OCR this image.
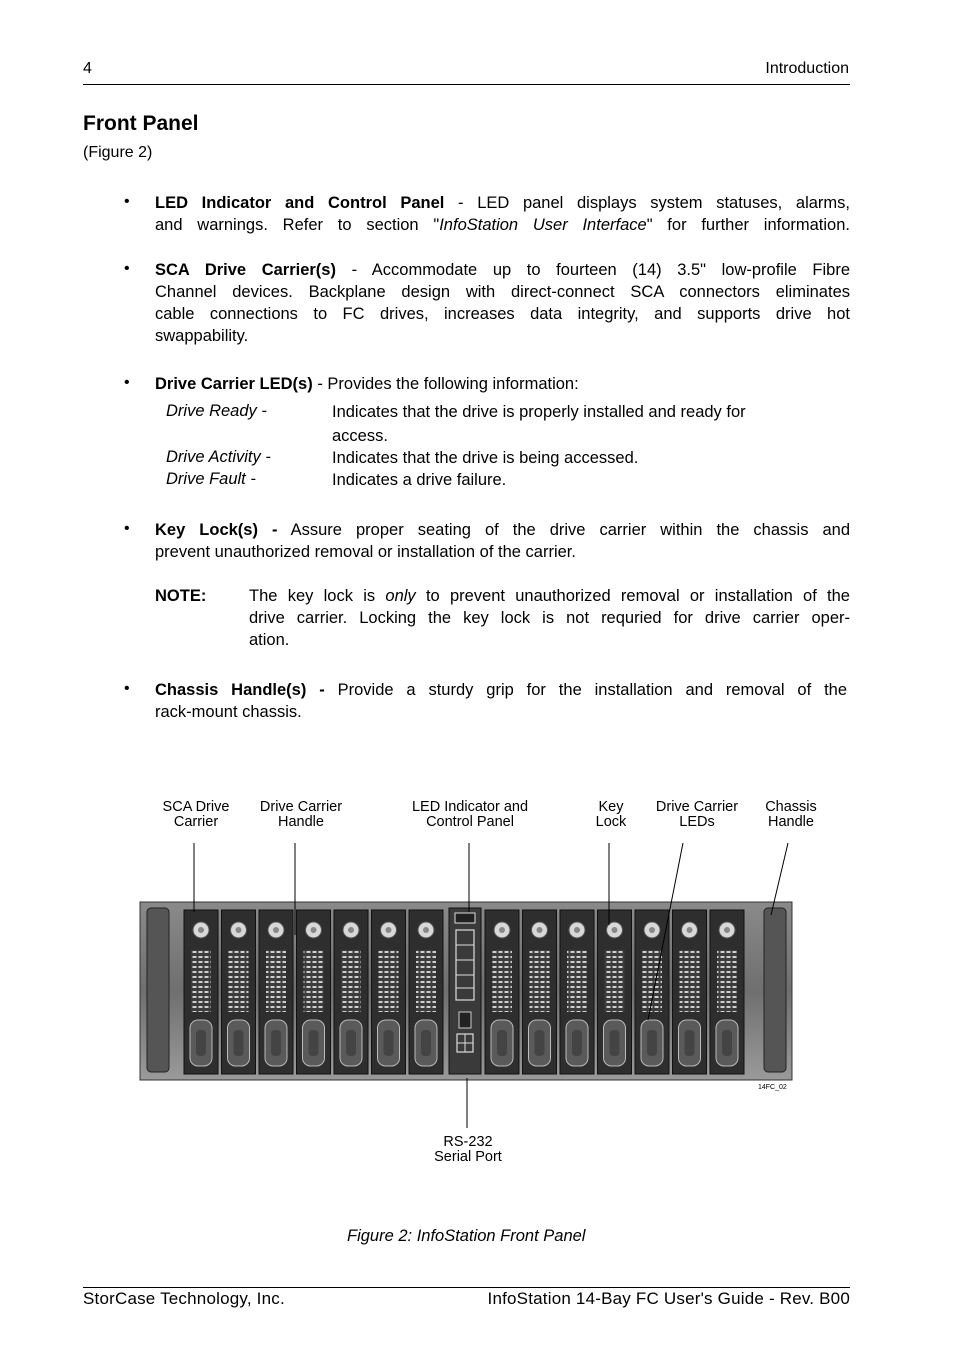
4	Introduction
Front Panel
(Figure 2)
• LED Indicator and Control Panel - LED panel displays system statuses, alarms,
and warnings. Refer to section "InfoStation User Interface" for further information.
• SCA Drive Carrier(s) - Accommodate up to fourteen (14) 3.5" low-profile Fibre
Channel devices. Backplane design with direct-connect SCA connectors eliminates
cable connections to FC drives, increases data integrity, and supports drive hot
swappability.
• Drive Carrier LED(s) - Provides the following information:
Drive Ready -	Indicates that the drive is properly installed and ready for
access.
Drive Activity -	Indicates that the drive is being accessed.
Drive Fault -	Indicates a drive failure.
• Key Lock(s) - Assure proper seating of the drive carrier within the chassis and
prevent unauthorized removal or installation of the carrier.
NOTE:	The key lock is only to prevent unauthorized removal or installation of the
drive carrier. Locking the key lock is not requried for drive carrier oper-
ation.
• Chassis Handle(s) - Provide a sturdy grip for the installation and removal of the
rack-mount chassis.
SCA Drive
Carrier
Drive Carrier
Handle
LED Indicator and
Control Panel
Key
Lock
Drive Carrier
LEDs
Chassis
Handle
14FC_02
RS-232
Serial Port
Figure 2: InfoStation Front Panel
StorCase Technology, Inc.	InfoStation 14-Bay FC User's Guide - Rev. B00
